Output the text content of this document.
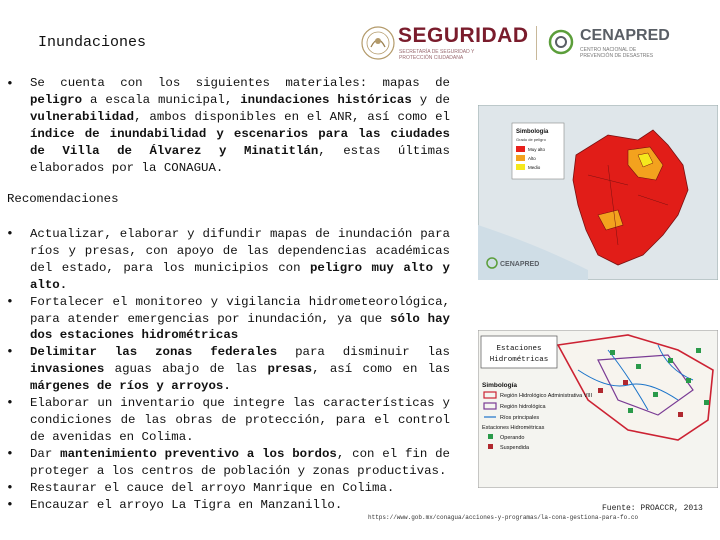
Inundaciones	SEGURIDAD
SECRETARÍA DE SEGURIDAD Y PROTECCIÓN CIUDADANA
CENAPRED
CENTRO NACIONAL DE PREVENCIÓN DE DESASTRES
• Se cuenta con los siguientes materiales: mapas de peligro a escala municipal, inundaciones históricas y de vulnerabilidad, ambos disponibles en el ANR, así como el índice de inundabilidad y escenarios para las ciudades de Villa de Álvarez y Minatitlán, estas últimas elaborados por la CONAGUA.
Recomendaciones
• Actualizar, elaborar y difundir mapas de inundación para ríos y presas, con apoyo de las dependencias académicas del estado, para los municipios con peligro muy alto y alto.
• Fortalecer el monitoreo y vigilancia hidrometeorológica, para atender emergencias por inundación, ya que sólo hay dos estaciones hidrométricas
• Delimitar las zonas federales para disminuir las invasiones aguas abajo de las presas, así como en las márgenes de ríos y arroyos.
• Elaborar un inventario que integre las características y condiciones de las obras de protección, para el control de avenidas en Colima.
• Dar mantenimiento preventivo a los bordos, con el fin de proteger a los centros de población y zonas productivas.
• Restaurar el cauce del arroyo Manrique en Colima.
• Encauzar el arroyo La Tigra en Manzanillo.
Simbología
Grado de peligro
Muy alto
Alto
Medio
CENAPRED
Estaciones Hidrométricas
Simbología
Región Hidrológico Administrativa VIII
Región hidrológica
Ríos principales
Estaciones Hidrométricas
Operando
Suspendida
Fuente: PROACCR, 2013
https://www.gob.mx/conagua/acciones-y-programas/la-cona-gestiona-para-fo.co
